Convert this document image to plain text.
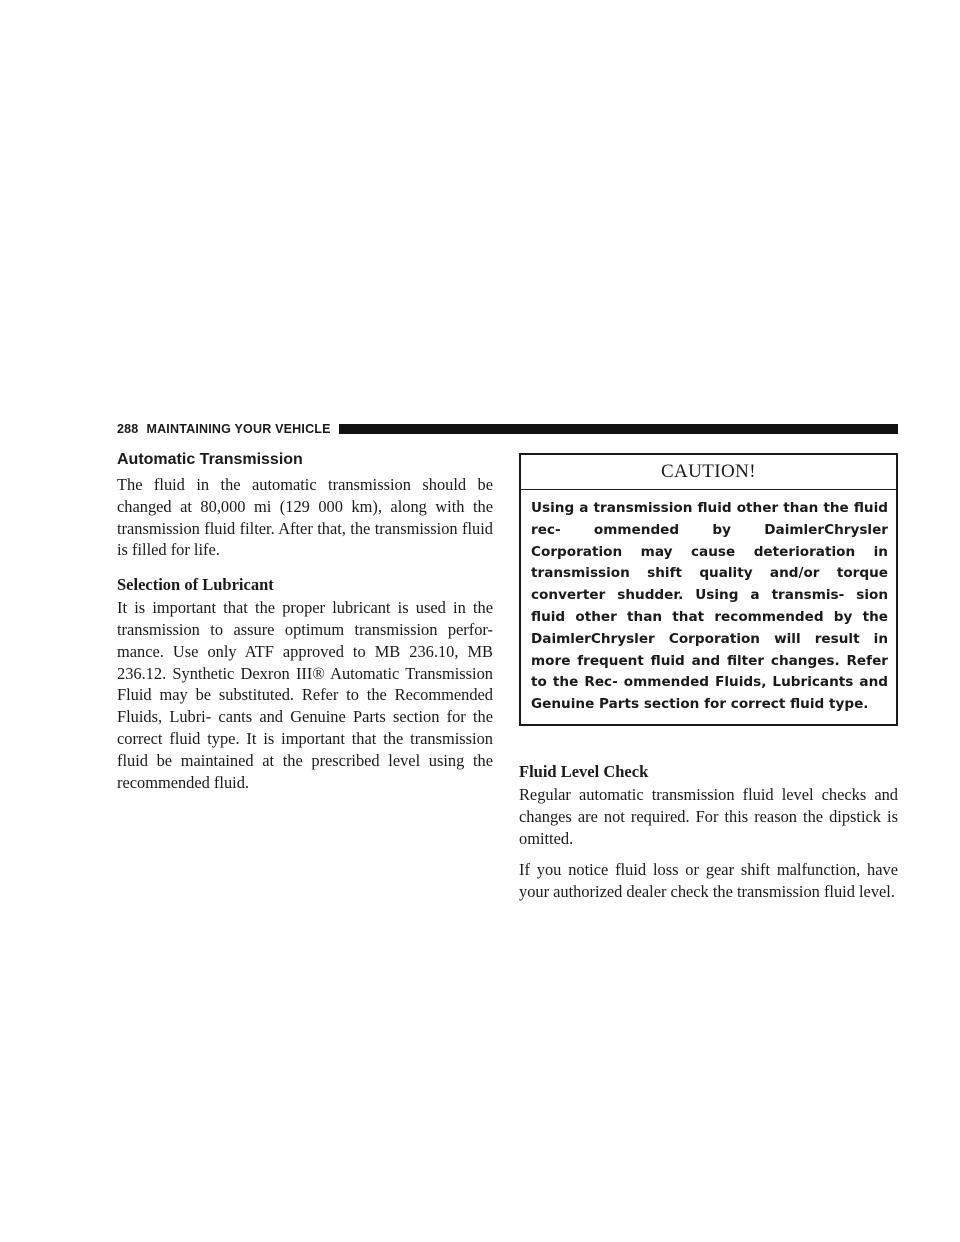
288 MAINTAINING YOUR VEHICLE
Automatic Transmission

The fluid in the automatic transmission should be changed at 80,000 mi (129 000 km), along with the transmission fluid filter. After that, the transmission fluid is filled for life.

Selection of Lubricant

It is important that the proper lubricant is used in the transmission to assure optimum transmission perfor- mance. Use only ATF approved to MB 236.10, MB 236.12. Synthetic Dexron III® Automatic Transmission Fluid may be substituted. Refer to the Recommended Fluids, Lubri- cants and Genuine Parts section for the correct fluid type. It is important that the transmission fluid be maintained at the prescribed level using the recommended fluid.

CAUTION!
Using a transmission fluid other than the fluid rec- ommended by DaimlerChrysler Corporation may cause deterioration in transmission shift quality and/or torque converter shudder. Using a transmis- sion fluid other than that recommended by the DaimlerChrysler Corporation will result in more frequent fluid and filter changes. Refer to the Rec- ommended Fluids, Lubricants and Genuine Parts section for correct fluid type.
Fluid Level Check

Regular automatic transmission fluid level checks and changes are not required. For this reason the dipstick is omitted.

If you notice fluid loss or gear shift malfunction, have your authorized dealer check the transmission fluid level.
